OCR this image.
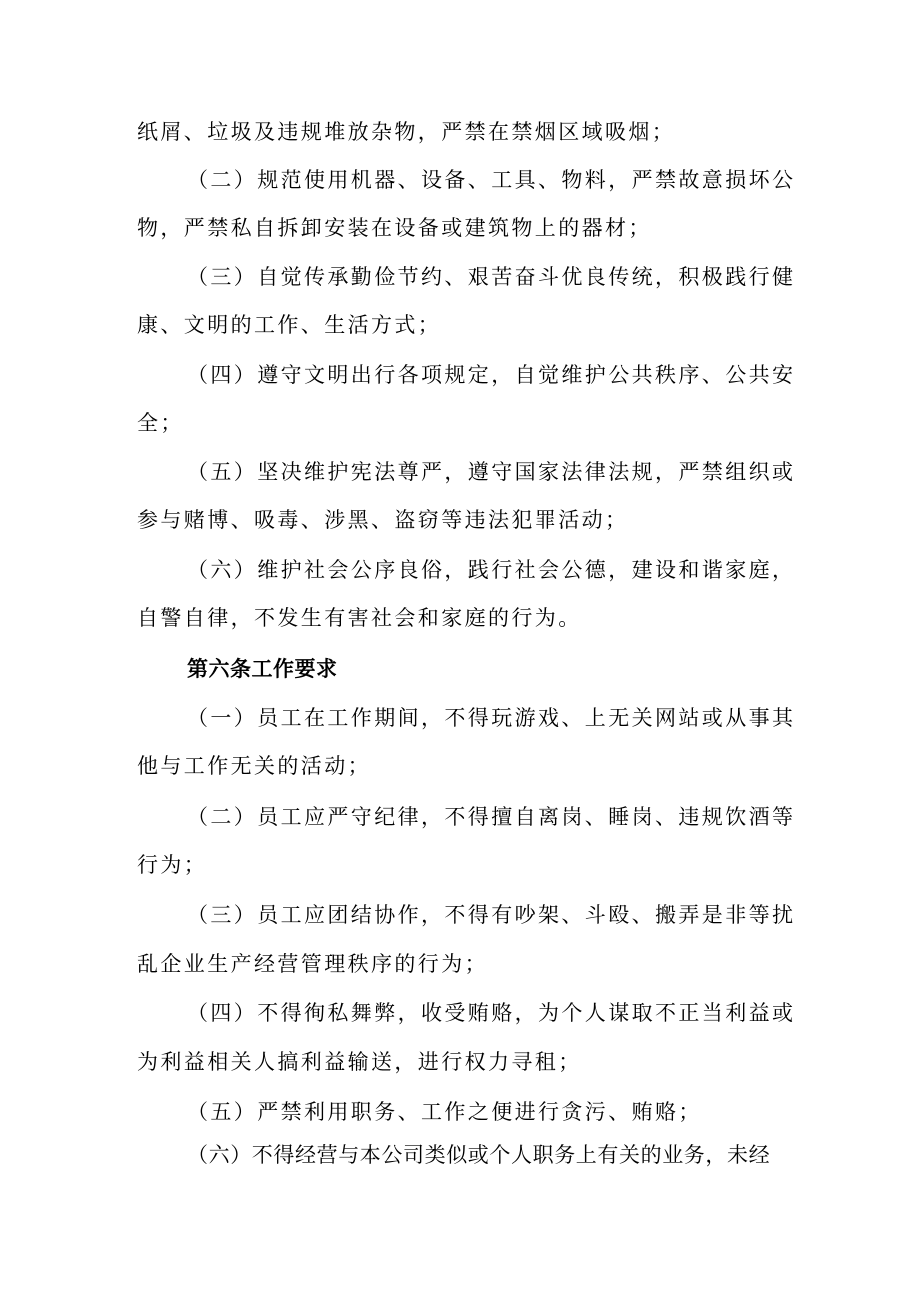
纸屑、垃圾及违规堆放杂物，严禁在禁烟区域吸烟；
（二）规范使用机器、设备、工具、物料，严禁故意损坏公
物，严禁私自拆卸安装在设备或建筑物上的器材；
（三）自觉传承勤俭节约、艰苦奋斗优良传统，积极践行健
康、文明的工作、生活方式；
（四）遵守文明出行各项规定，自觉维护公共秩序、公共安
全；
（五）坚决维护宪法尊严，遵守国家法律法规，严禁组织或
参与赌博、吸毒、涉黑、盗窃等违法犯罪活动；
（六）维护社会公序良俗，践行社会公德，建设和谐家庭，
自警自律，不发生有害社会和家庭的行为。
第六条工作要求
（一）员工在工作期间，不得玩游戏、上无关网站或从事其
他与工作无关的活动；
（二）员工应严守纪律，不得擅自离岗、睡岗、违规饮酒等
行为；
（三）员工应团结协作，不得有吵架、斗殴、搬弄是非等扰
乱企业生产经营管理秩序的行为；
（四）不得徇私舞弊，收受贿赂，为个人谋取不正当利益或
为利益相关人搞利益输送，进行权力寻租；
（五）严禁利用职务、工作之便进行贪污、贿赂；
（六）不得经营与本公司类似或个人职务上有关的业务，未经
